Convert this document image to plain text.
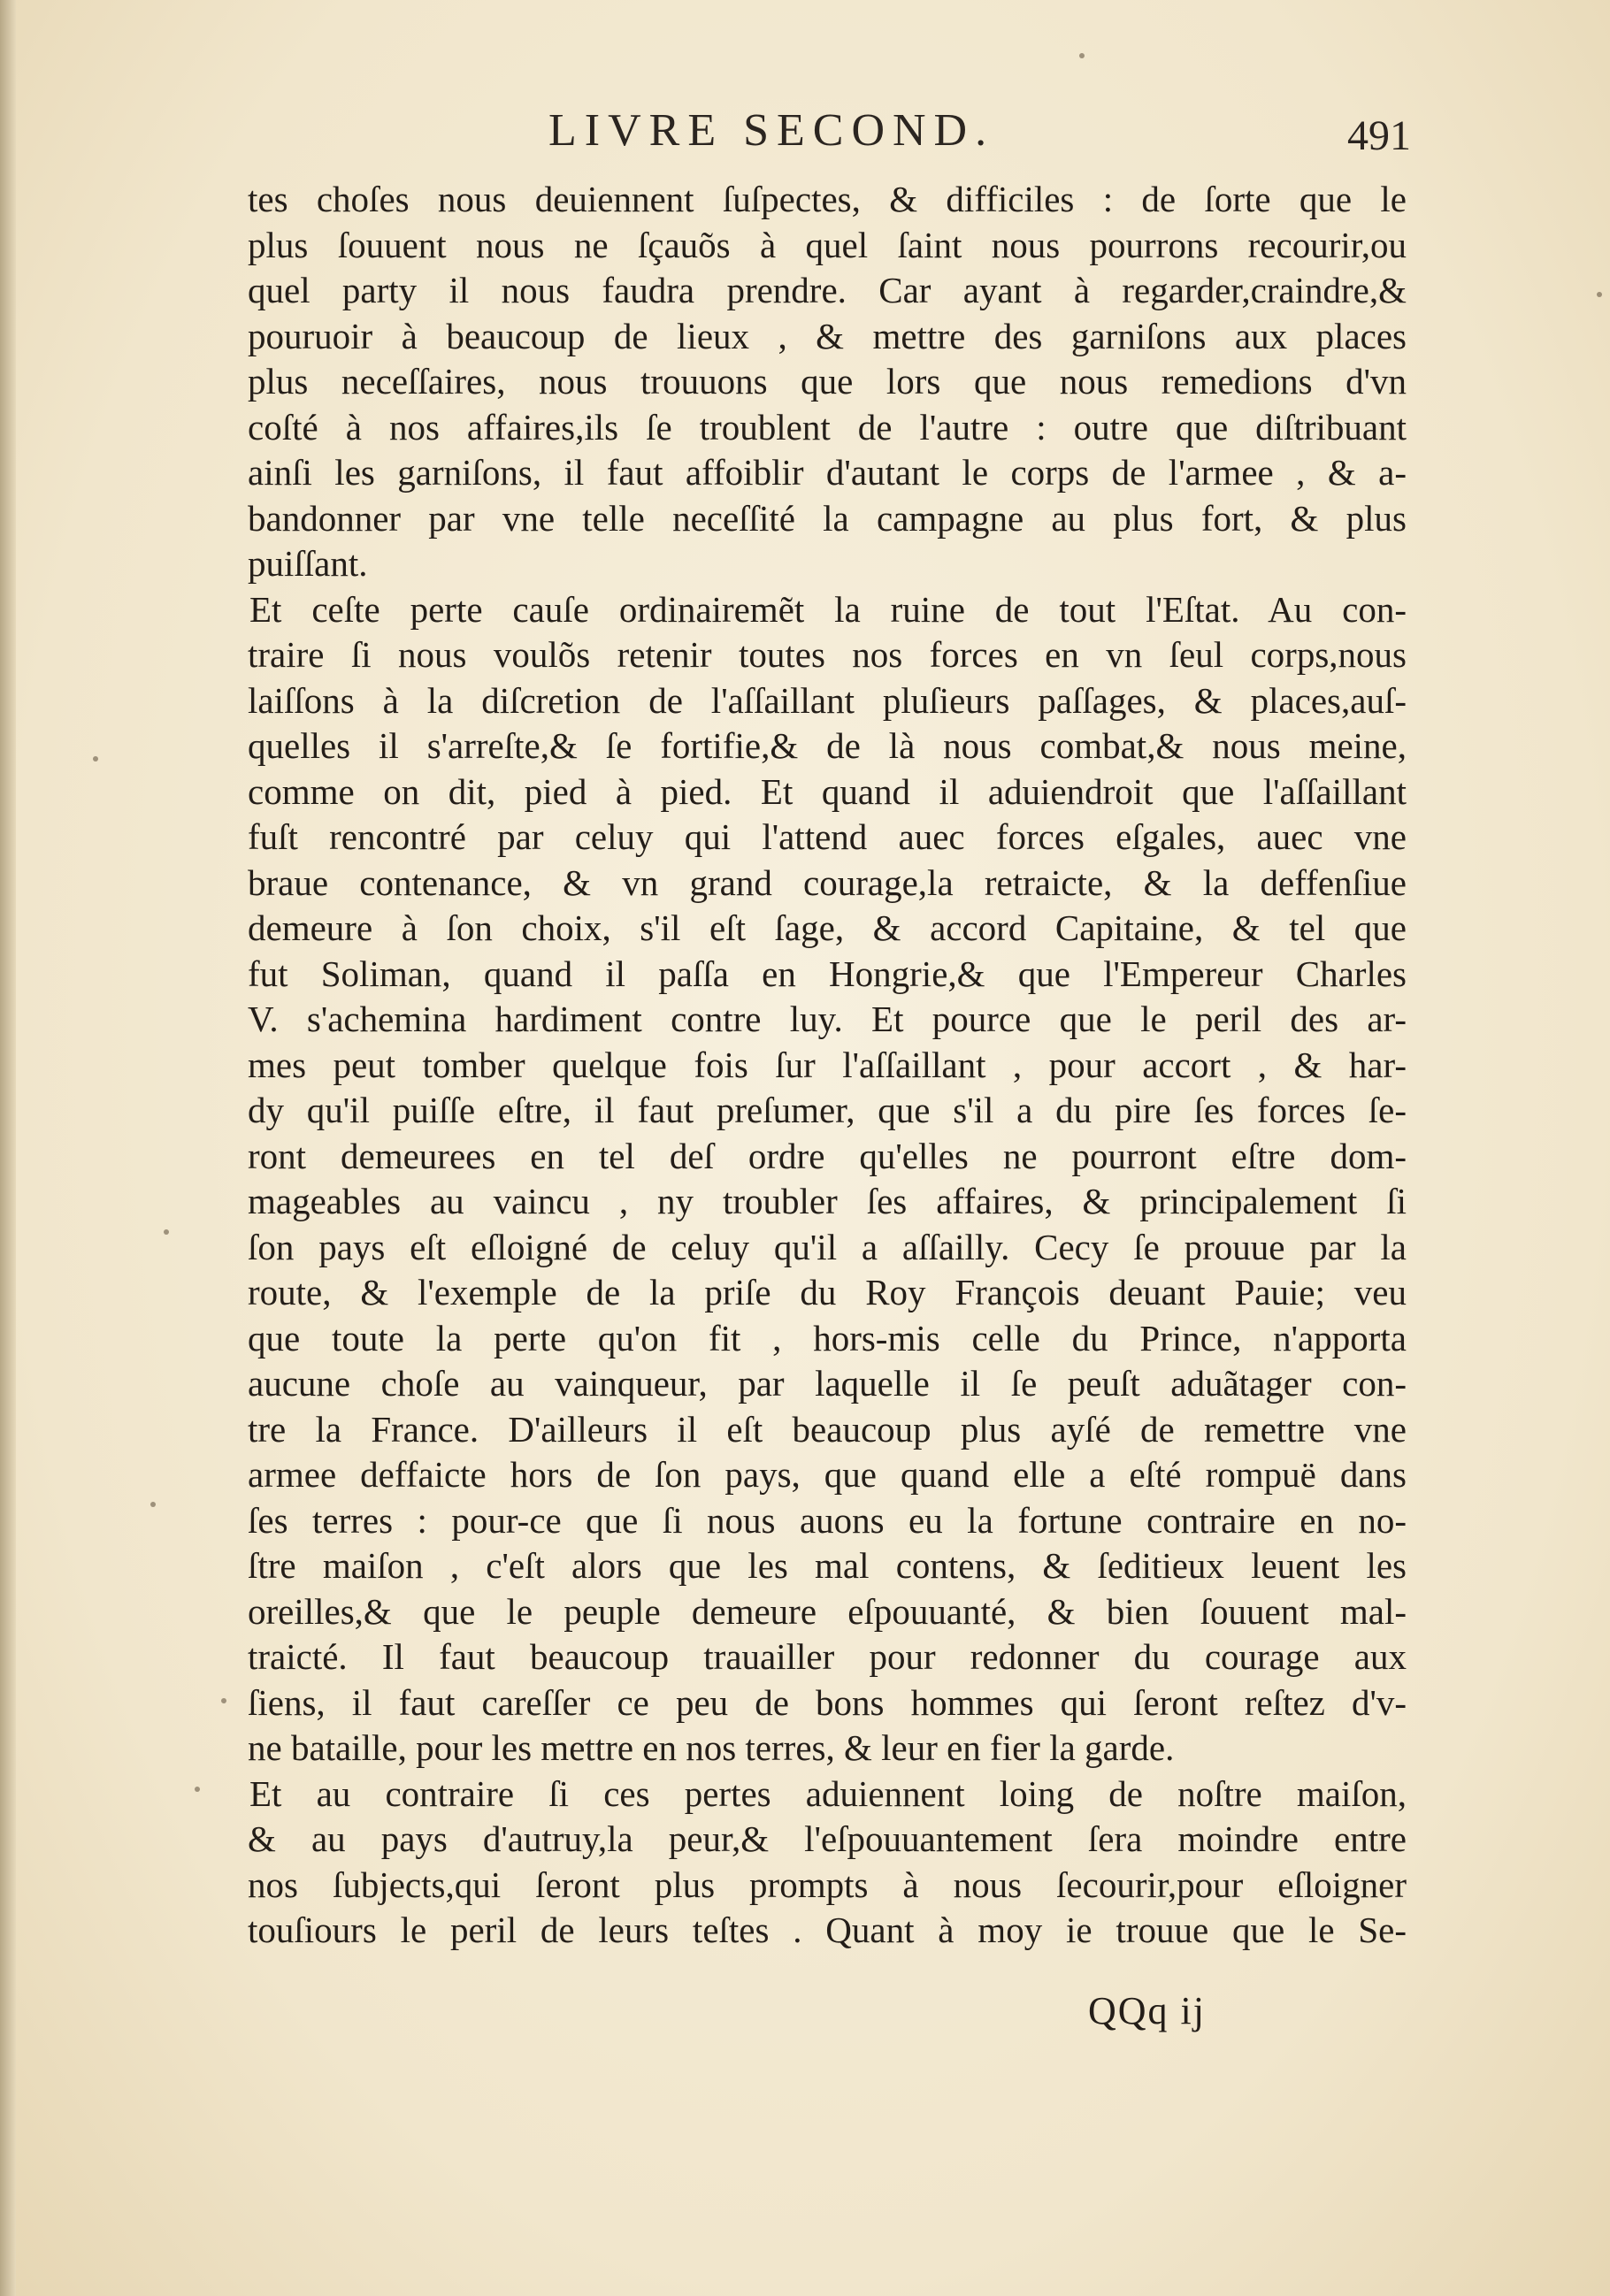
LIVRE SECOND.	491
tes choſes nous deuiennent ſuſpectes, & difficiles : de ſorte que le
plus ſouuent nous ne ſçauõs à quel ſaint nous pourrons recourir,ou
quel party il nous faudra prendre. Car ayant à regarder,craindre,&
pouruoir à beaucoup de lieux , & mettre des garniſons aux places
plus neceſſaires, nous trouuons que lors que nous remedions d'vn
coſté à nos affaires,ils ſe troublent de l'autre : outre que diſtribuant
ainſi les garniſons, il faut affoiblir d'autant le corps de l'armee , & a-
bandonner par vne telle neceſſité la campagne au plus fort, & plus
puiſſant.
Et ceſte perte cauſe ordinairemẽt la ruine de tout l'Eſtat. Au con-
traire ſi nous voulõs retenir toutes nos forces en vn ſeul corps,nous
laiſſons à la diſcretion de l'aſſaillant pluſieurs paſſages, & places,auſ-
quelles il s'arreſte,& ſe fortifie,& de là nous combat,& nous meine,
comme on dit, pied à pied. Et quand il aduiendroit que l'aſſaillant
fuſt rencontré par celuy qui l'attend auec forces eſgales, auec vne
braue contenance, & vn grand courage,la retraicte, & la deffenſiue
demeure à ſon choix, s'il eſt ſage, & accord Capitaine, & tel que
fut Soliman, quand il paſſa en Hongrie,& que l'Empereur Charles
V. s'achemina hardiment contre luy. Et pource que le peril des ar-
mes peut tomber quelque fois ſur l'aſſaillant , pour accort , & har-
dy qu'il puiſſe eſtre, il faut preſumer, que s'il a du pire ſes forces ſe-
ront demeurees en tel deſ ordre qu'elles ne pourront eſtre dom-
mageables au vaincu , ny troubler ſes affaires, & principalement ſi
ſon pays eſt eſloigné de celuy qu'il a aſſailly. Cecy ſe prouue par la
route, & l'exemple de la priſe du Roy François deuant Pauie; veu
que toute la perte qu'on fit , hors-mis celle du Prince, n'apporta
aucune choſe au vainqueur, par laquelle il ſe peuſt aduãtager con-
tre la France. D'ailleurs il eſt beaucoup plus ayſé de remettre vne
armee deffaicte hors de ſon pays, que quand elle a eſté rompuë dans
ſes terres : pour-ce que ſi nous auons eu la fortune contraire en no-
ſtre maiſon , c'eſt alors que les mal contens, & ſeditieux leuent les
oreilles,& que le peuple demeure eſpouuanté, & bien ſouuent mal-
traicté. Il faut beaucoup trauailler pour redonner du courage aux
ſiens, il faut careſſer ce peu de bons hommes qui ſeront reſtez d'v-
ne bataille, pour les mettre en nos terres, & leur en fier la garde.
Et au contraire ſi ces pertes aduiennent loing de noſtre maiſon,
& au pays d'autruy,la peur,& l'eſpouuantement ſera moindre entre
nos ſubjects,qui ſeront plus prompts à nous ſecourir,pour eſloigner
touſiours le peril de leurs teſtes . Quant à moy ie trouue que le Se-
QQq ij
